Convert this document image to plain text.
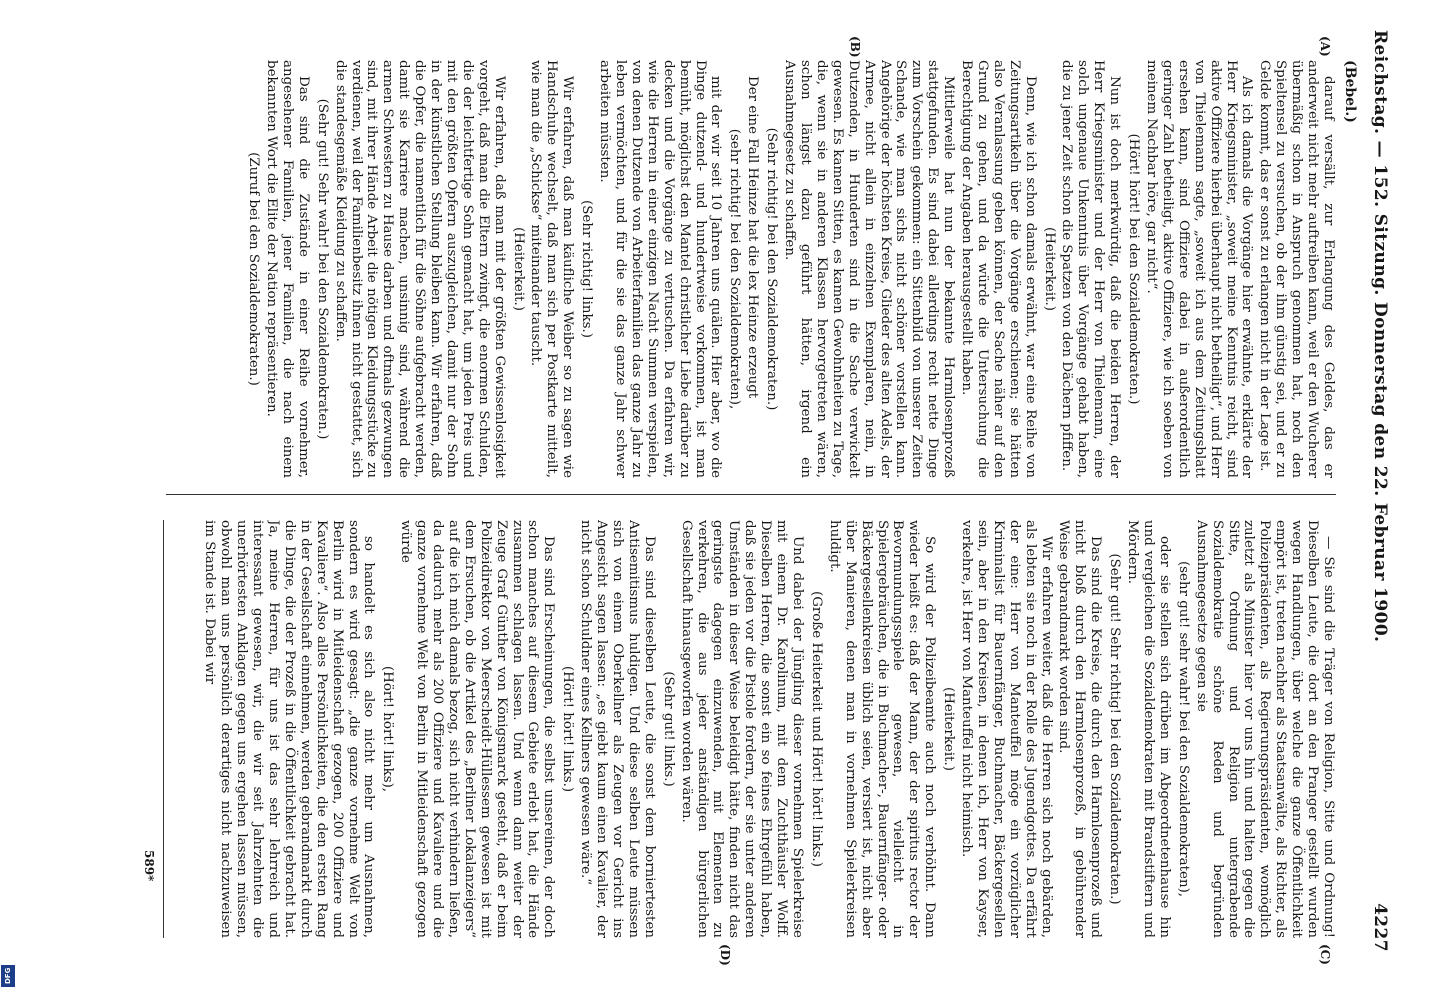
Reichstag. — 152. Sitzung. Donnerstag den 22. Februar 1900.
4227
(Bebel.)
(A)
(B)
(C)
(D)

darauf versällt, zur Erlangung des Geldes, das er anderweit nicht mehr auftreiben kann, weil er den Wucherer übermäßig schon in Anspruch genommen hat, noch den Spieltensel zu versuchen, ob der ihm günstig sei, und er zu Gelde kommt, das er sonst zu erlangen nicht in der Lage ist.

Als ich damals die Vorgänge hier erwähnte, erklärte der Herr Kriegsminister, „soweit meine Kenntnis reicht, sind aktive Offiziere hierbei überhaupt nicht betheiligt“, und Herr von Thielemann sagte, „soweit ich aus dem Zeitungsblatt ersehen kann, sind Offiziere dabei in außerordentlich geringer Zahl betheiligt, aktive Offiziere, wie ich soeben von meinem Nachbar höre, gar nicht“.

(Hört! hört! bei den Sozialdemokraten.)

Nun ist doch merkwürdig, daß die beiden Herren, der Herr Kriegsminister und der Herr von Thielemann, eine solch ungenaue Unkenntnis über Vorgänge gehabt haben, die zu jener Zeit schon die Spatzen von den Dächern pfiffen.

(Heiterkeit.)

Denn, wie ich schon damals erwähnt, war eine Reihe von Zeitungsartikeln über die Vorgänge erschienen; sie hätten also Veranlassung geben können, der Sache näher auf den Grund zu gehen, und da würde die Untersuchung die Berechtigung der Angaben herausgestellt haben.

Mittlerweile hat nun der bekannte Harmlosenprozeß stattgefunden. Es sind dabei allerdings recht nette Dinge zum Vorschein gekommen: ein Sittenbild von unserer Zeiten Schande, wie man sichs nicht schöner vorstellen kann. Angehörige der höchsten Kreise, Glieder des alten Adels, der Armee, nicht allein in einzelnen Exemplaren, nein, in Dutzenden, in Hunderten sind in die Sache verwickelt gewesen. Es kamen Sitten, es kamen Gewohnheiten zu Tage, die, wenn sie in anderen Klassen hervorgetreten wären, schon längst dazu geführt hätten, irgend ein Ausnahmegesetz zu schaffen.

(Sehr richtig! bei den Sozialdemokraten.)

Der eine Fall Heinze hat die lex Heinze erzeugt

(sehr richtig! bei den Sozialdemokraten),

mit der wir seit 10 Jahren uns quälen. Hier aber, wo die Dinge dutzend- und hundertweise vorkommen, ist man bemüht, möglichst den Mantel christlicher Liebe darüber zu decken und die Vorgänge zu vertuschen. Da erfahren wir, wie die Herren in einer einzigen Nacht Summen verspielen, von denen Dutzende von Arbeiterfamilien das ganze Jahr zu leben vermöchten, und für die sie das ganze Jahr schwer arbeiten müssten.

(Sehr richtig! links.)

Wir erfahren, daß man käufliche Weiber so zu sagen wie Handschuhe wechselt, daß man sich per Postkarte mitteilt, wie man die „Schickse“ miteinander tauscht.

(Heiterkeit.)

Wir erfahren, daß man mit der größten Gewissenlosigkeit vorgeht, daß man die Eltern zwingt, die enormen Schulden, die der leichtfertige Sohn gemacht hat, um jeden Preis und mit den größten Opfern auszugleichen, damit nur der Sohn in der künstlichen Stellung bleiben kann. Wir erfahren, daß die Opfer, die namentlich für die Söhne aufgebracht werden, damit sie Karriere machen, unsinnig sind, während die armen Schwestern zu Hause darben und oftmals gezwungen sind, mit ihrer Hände Arbeit die nötigen Kleidungsstücke zu verdienen, weil der Familienbesitz ihnen nicht gestattet, sich die standesgemäße Kleidung zu schaffen.

(Sehr gut! Sehr wahr! bei den Sozialdemokraten.)

Das sind die Zustände in einer Reihe vornehmer, angesehener Familien, jener Familien, die nach einem bekannten Wort die Elite der Nation repräsentieren.

(Zuruf bei den Sozialdemokraten.)

— Sie sind die Träger von Religion, Sitte und Ordnung! Dieselben Leute, die dort an den Pranger gestellt wurden wegen Handlungen, über welche die ganze Öffentlichkeit empört ist, treten nachher als Staatsanwälte, als Richter, als Polizeipräsidenten, als Regierungspräsidenten, womöglich zuletzt als Minister hier vor uns hin und halten gegen die Sitte, Ordnung und Religion untergrabende Sozialdemokratie schöne Reden und begründen Ausnahmegesetze gegen sie

(sehr gut! sehr wahr! bei den Sozialdemokraten),

oder sie stellen sich drüben im Abgeordnetenhause hin und vergleichen die Sozialdemokraten mit Brandstiftern und Mördern.

(Sehr gut! Sehr richtig! bei den Sozialdemokraten.)

Das sind die Kreise, die durch den Harmlosenprozeß und nicht bloß durch den Harmlosenprozeß, in gebührender Weise gebrandmarkt worden sind.

Wir erfahren weiter, daß die Herren sich noch gebärden, als lebten sie noch in der Rolle des Jugendgottes. Da erfährt der eine: Herr von Manteuffel möge ein vorzüglicher Kriminalist für Bauernfänger, Buchmacher, Bäckergesellen sein, aber in den Kreisen, in denen ich, Herr von Kayser, verkehre, ist Herr von Manteuffel nicht heimisch.

(Heiterkeit.)

So wird der Polizeibeamte auch noch verhöhnt. Dann wieder heißt es: daß der Mann, der der spiritus rector der Bevormundungsspiele gewesen, vielleicht in Spielergebräuchen, die in Buchmacher-, Bauernfänger- oder Bäckergesellenkreisen üblich seien, versiert ist, nicht aber über Manieren, denen man in vornehmen Spielerkreisen huldigt.

(Große Heiterkeit und Hört! hört! links.)

Und dabei der Jüngling dieser vornehmen Spielerkreise mit einem Dr. Karolinum, mit dem Zuchthäusler Wolff. Dieselben Herren, die sonst ein so feines Ehrgefühl haben, daß sie jeden vor die Pistole fordern, der sie unter anderen Umständen in dieser Weise beleidigt hätte, finden nicht das geringste dagegen einzuwenden, mit Elementen zu verkehren, die aus jeder anständigen bürgerlichen Gesellschaft hinausgeworfen worden wären.

(Sehr gut! links.)

Das sind dieselben Leute, die sonst dem borniertesten Antisemitismus huldigen. Und diese selben Leute müssen sich von einem Oberkellner als Zeugen vor Gericht ins Angesicht sagen lassen: „es giebt kaum einen Kavalier, der nicht schon Schuldner eines Kellners gewesen wäre.“

(Hört! hört! links.)

Das sind Erscheinungen, die selbst unsereinen, der doch schon manches auf diesem Gebiete erlebt hat, die Hände zusammen schlagen lassen. Und wenn dann weiter der Zeuge Graf Günther von Königsmarck gesteht, daß er beim Polizeidirektor von Meerscheidt-Hüllessem gewesen ist mit dem Ersuchen, ob die Artikel des „Berliner Lokalanzeigers“ auf die ich mich damals bezog, sich nicht verhindern ließen, da dadurch mehr als 200 Offiziere und Kavaliere und die ganze vornehme Welt von Berlin in Mitleidenschaft gezogen würde

(Hört! hört! links),

so handelt es sich also nicht mehr um Ausnahmen, sondern es wird gesagt: „die ganze vornehme Welt von Berlin wird in Mitleidenschaft gezogen, 200 Offiziere und Kavaliere“. Also alles Persönlichkeiten, die den ersten Rang in der Gesellschaft einnehmen, werden gebrandmarkt durch die Dinge, die der Prozeß in die Öffentlichkeit gebracht hat. Ja, meine Herren, für uns ist das sehr lehrreich und interessant gewesen, wir, die wir seit Jahrzehnten die unerhörtesten Anklagen gegen uns ergehen lassen müssen, obwohl man uns persönlich derartiges nicht nachzuweisen im Stande ist. Dabei wir

589*
DFG
